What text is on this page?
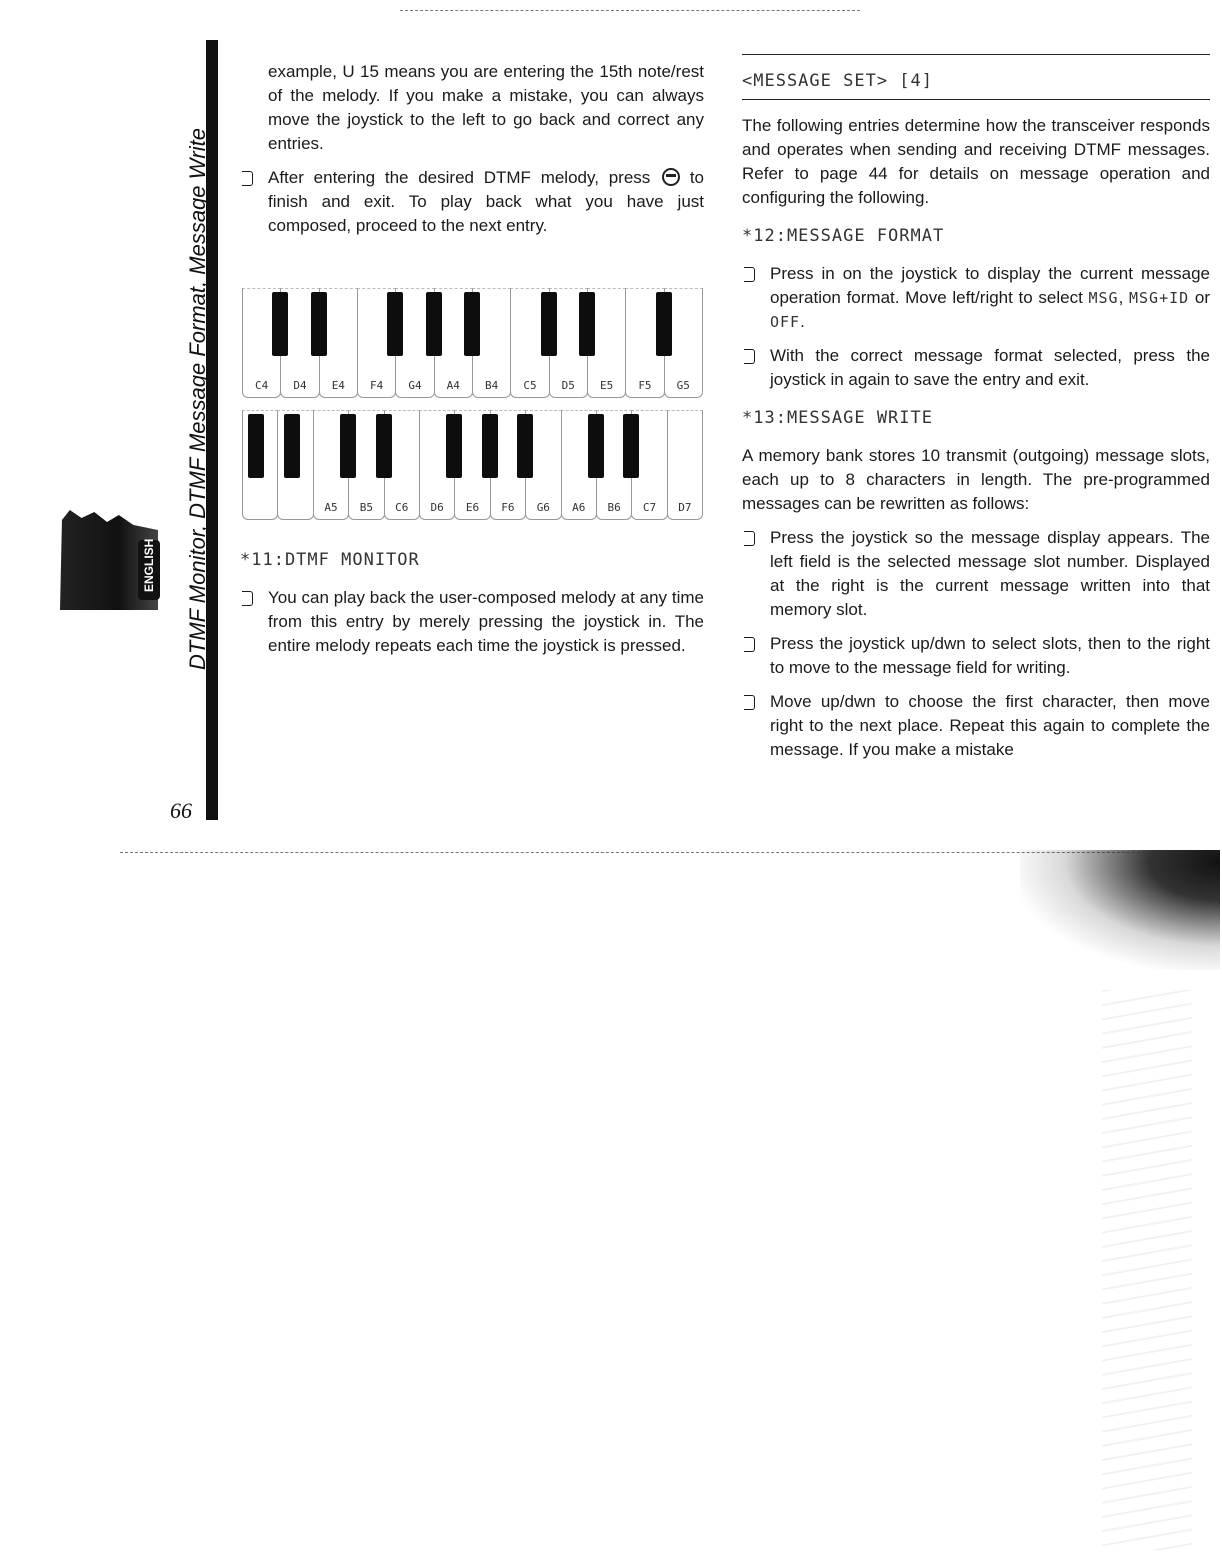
DTMF Monitor, DTMF Message Format, Message Write
ENGLISH
66

example, U 15 means you are entering the 15th note/rest of the melody. If you make a mistake, you can always move the joystick to the left to go back and correct any entries.

After entering the desired DTMF melody, press to finish and exit. To play back what you have just composed, proceed to the next entry.
C4	D4	E4	F4	G4	A4	B4	C5	D5	E5	F5	G5
A5	B5	C6	D6	E6	F6	G6	A6	B6	C7	D7
*11:DTMF MONITOR
You can play back the user-composed melody at any time from this entry by merely pressing the joystick in. The entire melody repeats each time the joystick is pressed.
<MESSAGE SET> [4]

The following entries determine how the transceiver responds and operates when sending and receiving DTMF messages. Refer to page 44 for details on message operation and configuring the following.

*12:MESSAGE FORMAT
Press in on the joystick to display the current message operation format. Move left/right to select MSG, MSG+ID or OFF.
With the correct message format selected, press the joystick in again to save the entry and exit.
*13:MESSAGE WRITE

A memory bank stores 10 transmit (outgoing) message slots, each up to 8 characters in length. The pre-programmed messages can be rewritten as follows:

Press the joystick so the message display appears. The left field is the selected message slot number. Displayed at the right is the current message written into that memory slot.
Press the joystick up/dwn to select slots, then to the right to move to the message field for writing.
Move up/dwn to choose the first character, then move right to the next place. Repeat this again to complete the message. If you make a mistake
